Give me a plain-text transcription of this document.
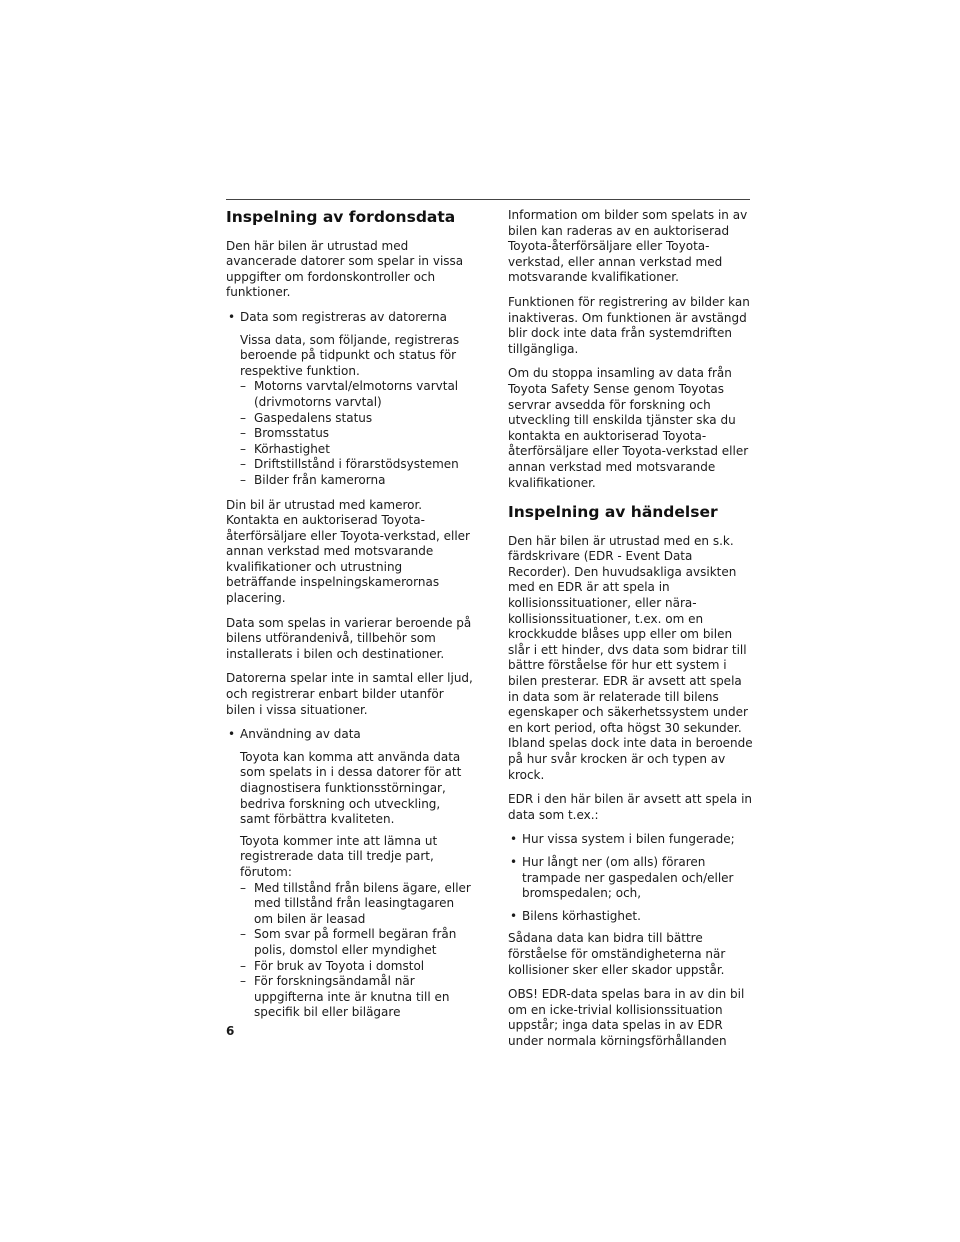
Inspelning av fordonsdata

Den här bilen är utrustad med avancerade datorer som spelar in vissa uppgifter om fordonskontroller och funktioner.

• Data som registreras av datorerna

Vissa data, som följande, registreras beroende på tidpunkt och status för respektive funktion.

– Motorns varvtal/elmotorns varvtal (drivmotorns varvtal)
– Gaspedalens status
– Bromsstatus
– Körhastighet
– Driftstillstånd i förarstödsystemen
– Bilder från kamerorna

Din bil är utrustad med kameror. Kontakta en auktoriserad Toyota-återförsäljare eller Toyota-verkstad, eller annan verkstad med motsvarande kvalifikationer och utrustning beträffande inspelningskamerornas placering.

Data som spelas in varierar beroende på bilens utförandenivå, tillbehör som installerats i bilen och destinationer.

Datorerna spelar inte in samtal eller ljud, och registrerar enbart bilder utanför bilen i vissa situationer.

• Användning av data

Toyota kan komma att använda data som spelats in i dessa datorer för att diagnostisera funktionsstörningar, bedriva forskning och utveckling, samt förbättra kvaliteten.

Toyota kommer inte att lämna ut registrerade data till tredje part, förutom:

– Med tillstånd från bilens ägare, eller med tillstånd från leasingtagaren om bilen är leasad
– Som svar på formell begäran från polis, domstol eller myndighet
– För bruk av Toyota i domstol
– För forskningsändamål när uppgifterna inte är knutna till en specifik bil eller bilägare

Information om bilder som spelats in av bilen kan raderas av en auktoriserad Toyota-återförsäljare eller Toyota-verkstad, eller annan verkstad med motsvarande kvalifikationer.

Funktionen för registrering av bilder kan inaktiveras. Om funktionen är avstängd blir dock inte data från systemdriften tillgängliga.

Om du stoppa insamling av data från Toyota Safety Sense genom Toyotas servrar avsedda för forskning och utveckling till enskilda tjänster ska du kontakta en auktoriserad Toyota-återförsäljare eller Toyota-verkstad eller annan verkstad med motsvarande kvalifikationer.

Inspelning av händelser

Den här bilen är utrustad med en s.k. färdskrivare (EDR - Event Data Recorder). Den huvudsakliga avsikten med en EDR är att spela in kollisionssituationer, eller nära-kollisionssituationer, t.ex. om en krockkudde blåses upp eller om bilen slår i ett hinder, dvs data som bidrar till bättre förståelse för hur ett system i bilen presterar. EDR är avsett att spela in data som är relaterade till bilens egenskaper och säkerhetssystem under en kort period, ofta högst 30 sekunder. Ibland spelas dock inte data in beroende på hur svår krocken är och typen av krock.

EDR i den här bilen är avsett att spela in data som t.ex.:

• Hur vissa system i bilen fungerade;
• Hur långt ner (om alls) föraren trampade ner gaspedalen och/eller bromspedalen; och,
• Bilens körhastighet.

Sådana data kan bidra till bättre förståelse för omständigheterna när kollisioner sker eller skador uppstår.

OBS! EDR-data spelas bara in av din bil om en icke-trivial kollisionssituation uppstår; inga data spelas in av EDR under normala körningsförhållanden

6
